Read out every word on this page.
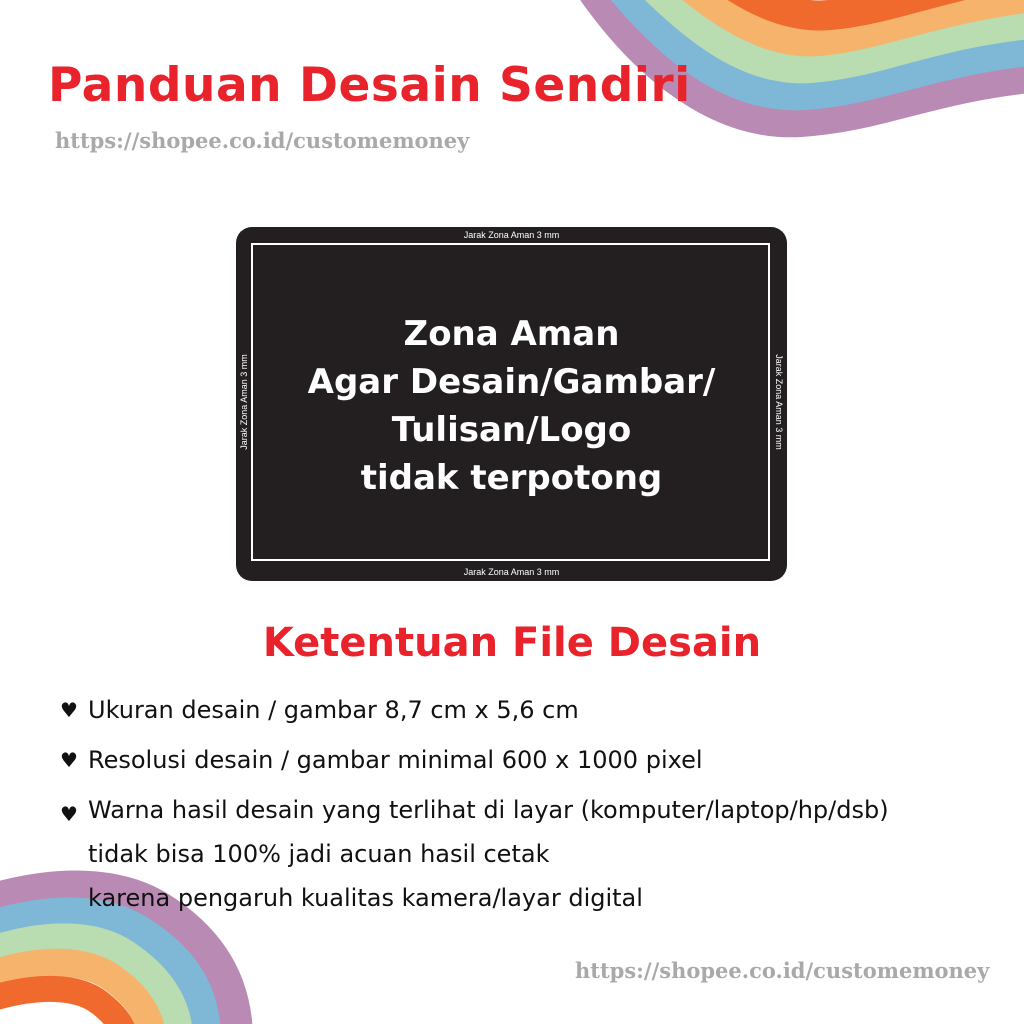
Panduan Desain Sendiri
https://shopee.co.id/customemoney
Jarak Zona Aman 3 mm
Jarak Zona Aman 3 mm
Jarak Zona Aman 3 mm	Jarak Zona Aman 3 mm
Zona Aman
Agar Desain/Gambar/
Tulisan/Logo
tidak terpotong
Ketentuan File Desain
♥ Ukuran desain / gambar 8,7 cm x 5,6 cm
♥ Resolusi desain / gambar minimal 600 x 1000 pixel
♥ Warna hasil desain yang terlihat di layar (komputer/laptop/hp/dsb)
tidak bisa 100% jadi acuan hasil cetak
karena pengaruh kualitas kamera/layar digital
https://shopee.co.id/customemoney
